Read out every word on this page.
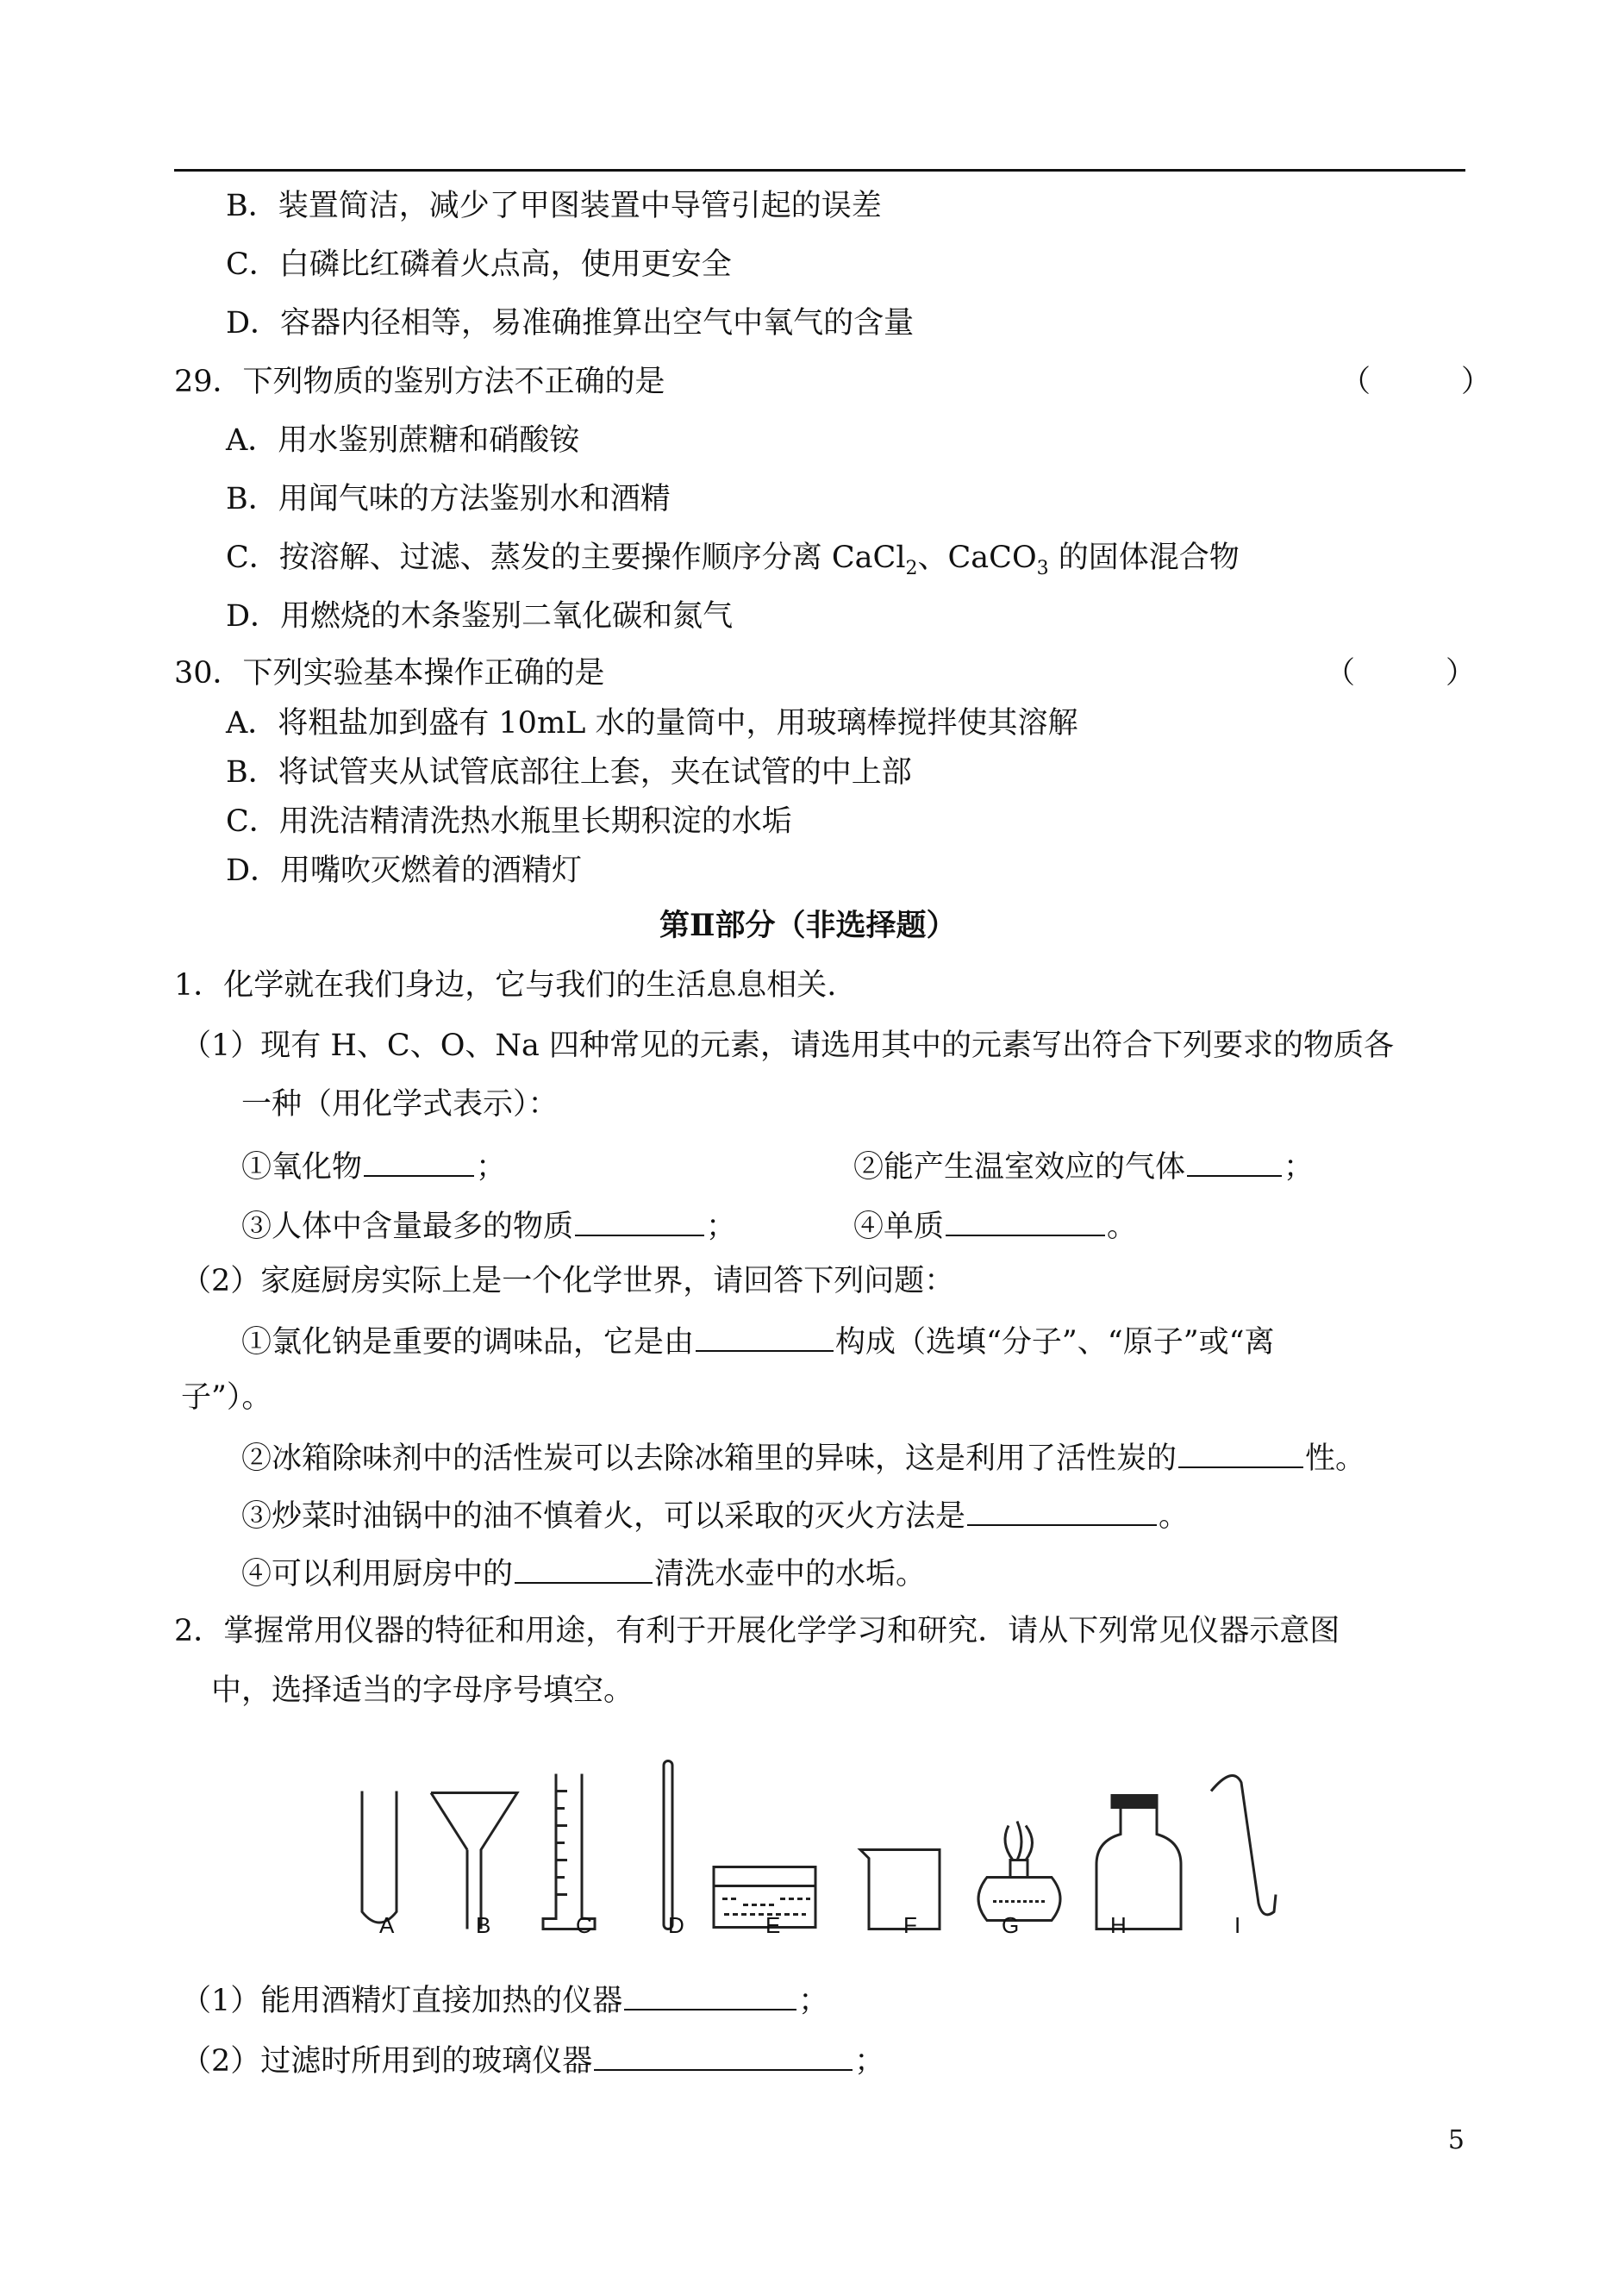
B．装置简洁，减少了甲图装置中导管引起的误差
C．白磷比红磷着火点高，使用更安全
D．容器内径相等，易准确推算出空气中氧气的含量
29．下列物质的鉴别方法不正确的是	（　　　）
A．用水鉴别蔗糖和硝酸铵
B．用闻气味的方法鉴别水和酒精
C．按溶解、过滤、蒸发的主要操作顺序分离 CaCl$_2$、CaCO$_3$ 的固体混合物
D．用燃烧的木条鉴别二氧化碳和氮气
30．下列实验基本操作正确的是	（　　　）
A．将粗盐加到盛有 10mL 水的量筒中，用玻璃棒搅拌使其溶解
B．将试管夹从试管底部往上套，夹在试管的中上部
C．用洗洁精清洗热水瓶里长期积淀的水垢
D．用嘴吹灭燃着的酒精灯
第Ⅱ部分（非选择题）
1．化学就在我们身边，它与我们的生活息息相关.
（1）现有 H、C、O、Na 四种常见的元素，请选用其中的元素写出符合下列要求的物质各
一种（用化学式表示）：
①氧化物	；	②能产生温室效应的气体	；
③人体中含量最多的物质	；	④单质	。
（2）家庭厨房实际上是一个化学世界，请回答下列问题：
①氯化钠是重要的调味品，它是由	构成（选填“分子”、“原子”或“离
子”）。
②冰箱除味剂中的活性炭可以去除冰箱里的异味，这是利用了活性炭的	性。
③炒菜时油锅中的油不慎着火，可以采取的灭火方法是	。
④可以利用厨房中的	清洗水壶中的水垢。
2．掌握常用仪器的特征和用途，有利于开展化学学习和研究．请从下列常见仪器示意图
中，选择适当的字母序号填空。
A	B	C	D	E	F	G	H	I
（1）能用酒精灯直接加热的仪器	；
（2）过滤时所用到的玻璃仪器	；
5
